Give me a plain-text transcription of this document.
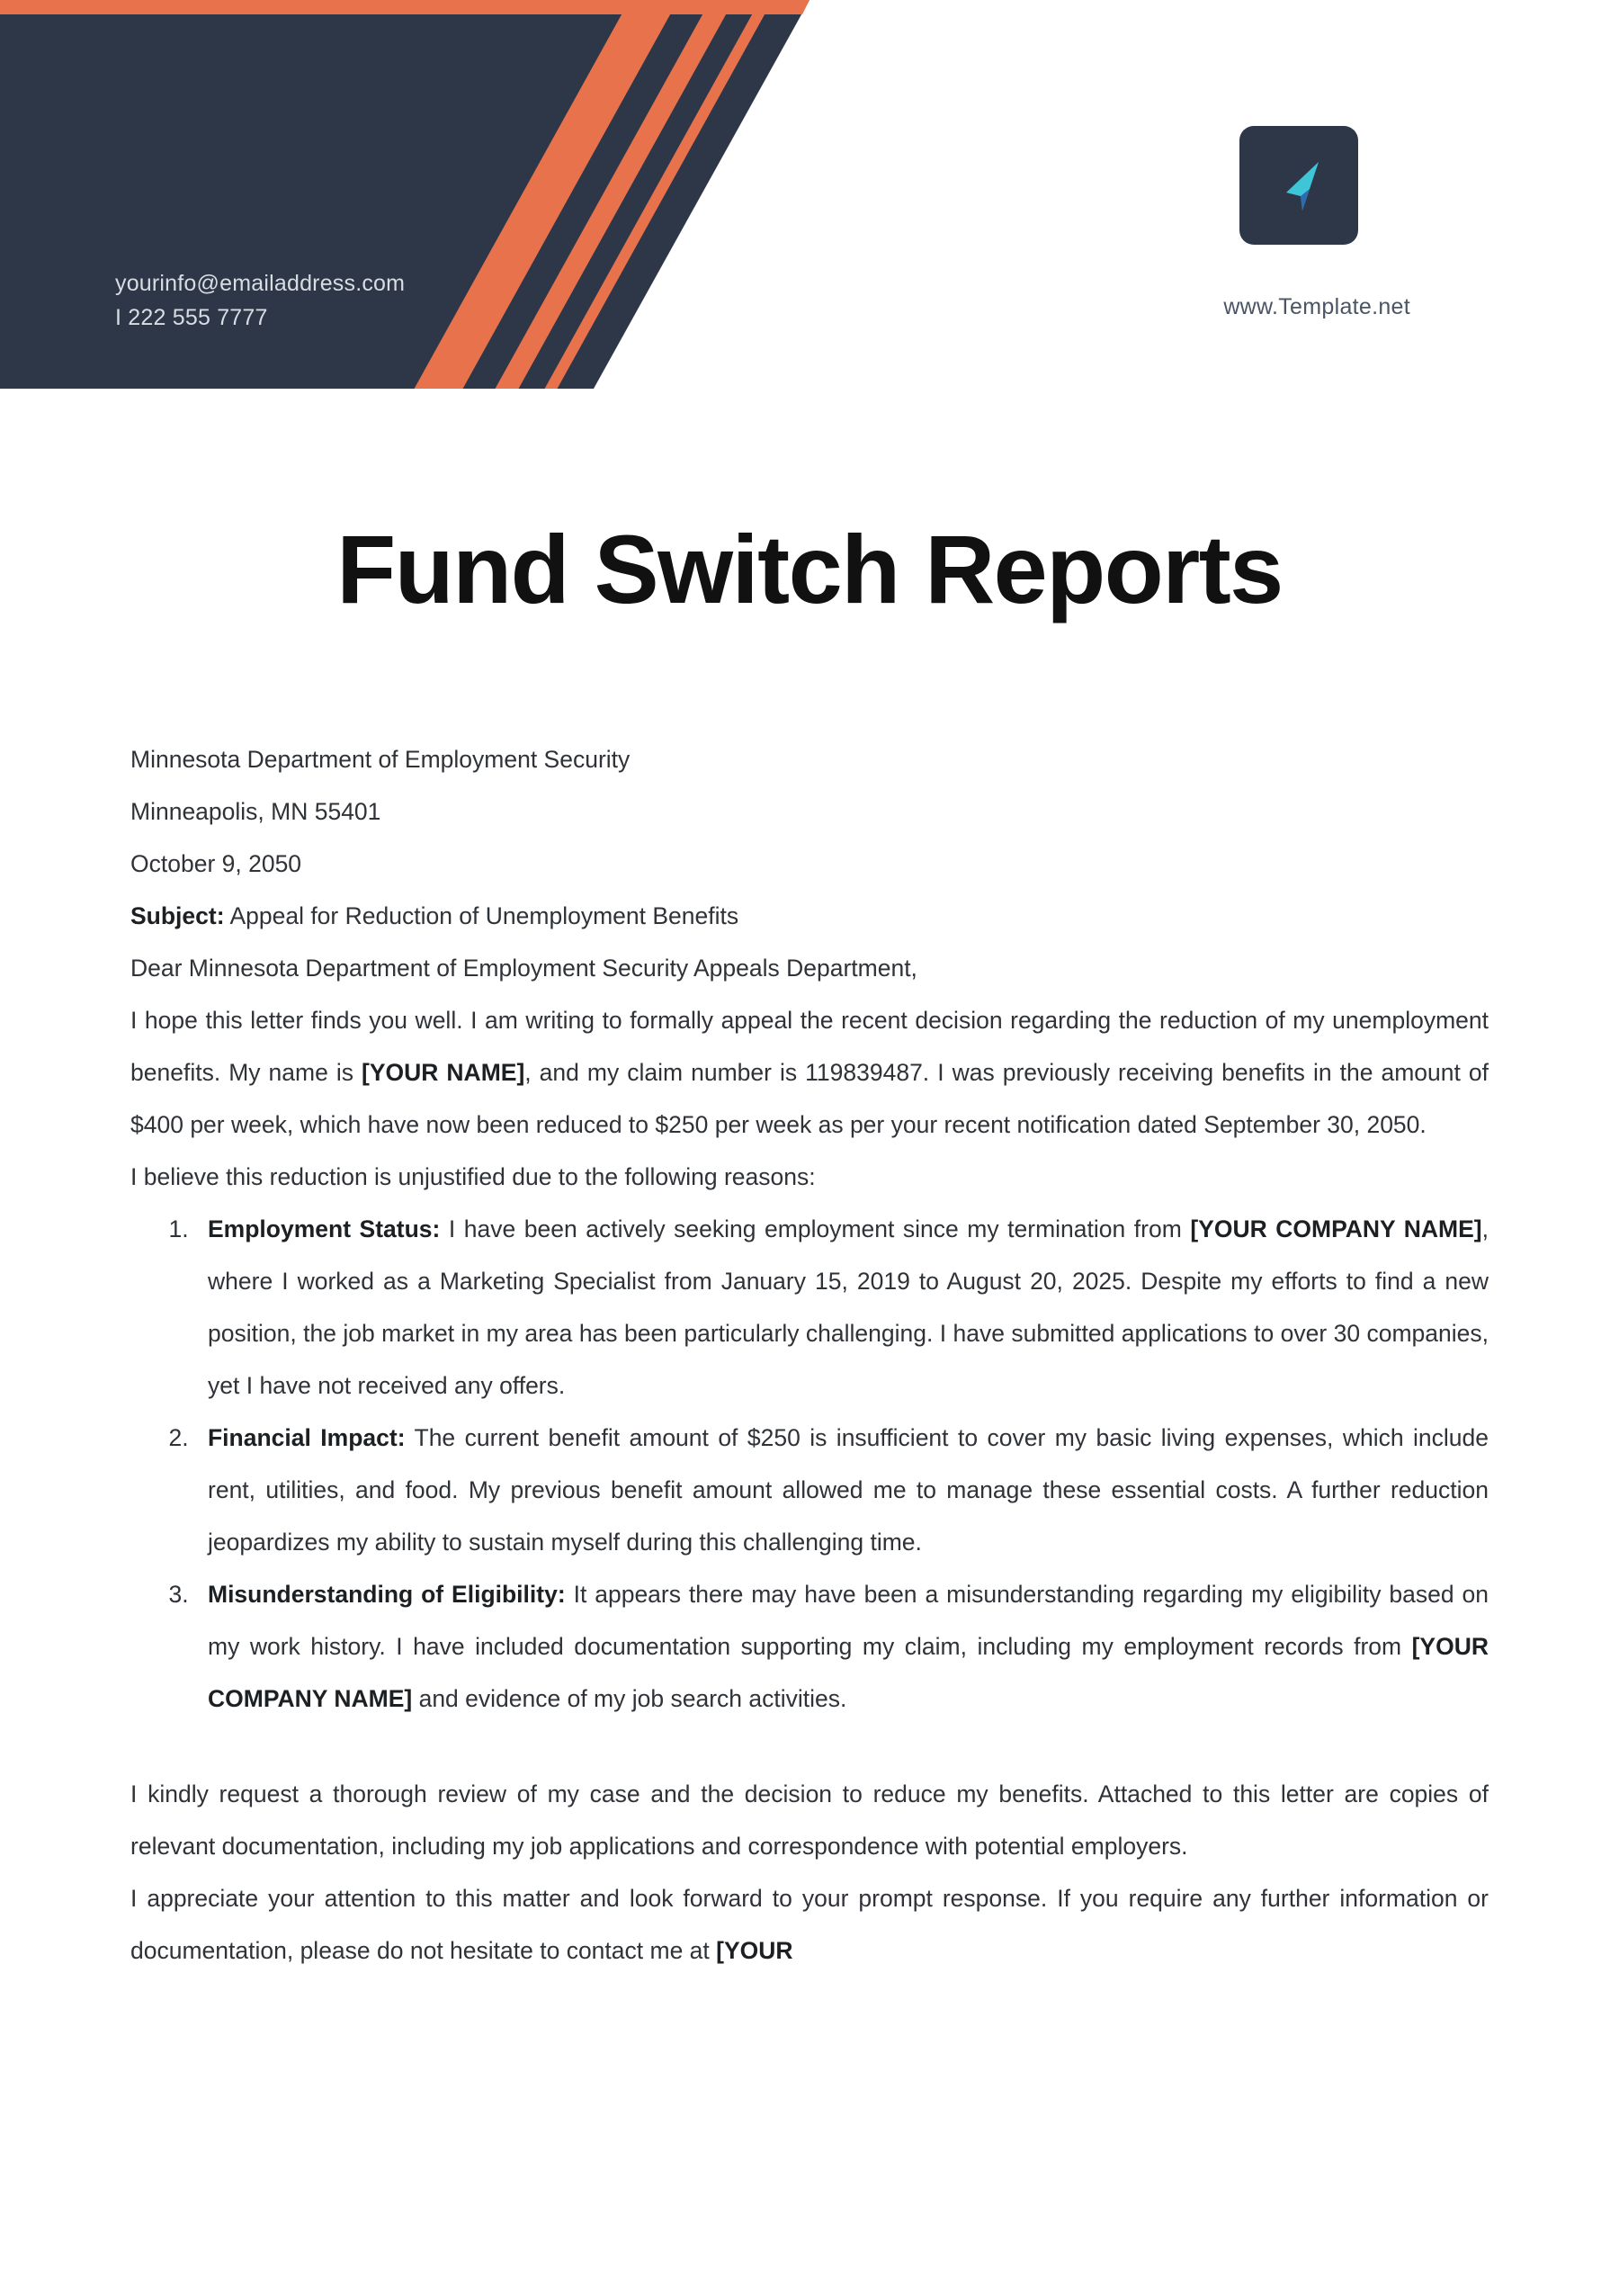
yourinfo@emailaddress.com
I 222 555 7777	www.Template.net
Fund Switch Reports

Minnesota Department of Employment Security

Minneapolis, MN 55401

October 9, 2050

Subject: Appeal for Reduction of Unemployment Benefits

Dear Minnesota Department of Employment Security Appeals Department,

I hope this letter finds you well. I am writing to formally appeal the recent decision regarding the reduction of my unemployment benefits. My name is [YOUR NAME], and my claim number is 119839487. I was previously receiving benefits in the amount of $400 per week, which have now been reduced to $250 per week as per your recent notification dated September 30, 2050.

I believe this reduction is unjustified due to the following reasons:

1. Employment Status: I have been actively seeking employment since my termination from [YOUR COMPANY NAME], where I worked as a Marketing Specialist from January 15, 2019 to August 20, 2025. Despite my efforts to find a new position, the job market in my area has been particularly challenging. I have submitted applications to over 30 companies, yet I have not received any offers.
2. Financial Impact: The current benefit amount of $250 is insufficient to cover my basic living expenses, which include rent, utilities, and food. My previous benefit amount allowed me to manage these essential costs. A further reduction jeopardizes my ability to sustain myself during this challenging time.
3. Misunderstanding of Eligibility: It appears there may have been a misunderstanding regarding my eligibility based on my work history. I have included documentation supporting my claim, including my employment records from [YOUR COMPANY NAME] and evidence of my job search activities.

I kindly request a thorough review of my case and the decision to reduce my benefits. Attached to this letter are copies of relevant documentation, including my job applications and correspondence with potential employers.

I appreciate your attention to this matter and look forward to your prompt response. If you require any further information or documentation, please do not hesitate to contact me at [YOUR
